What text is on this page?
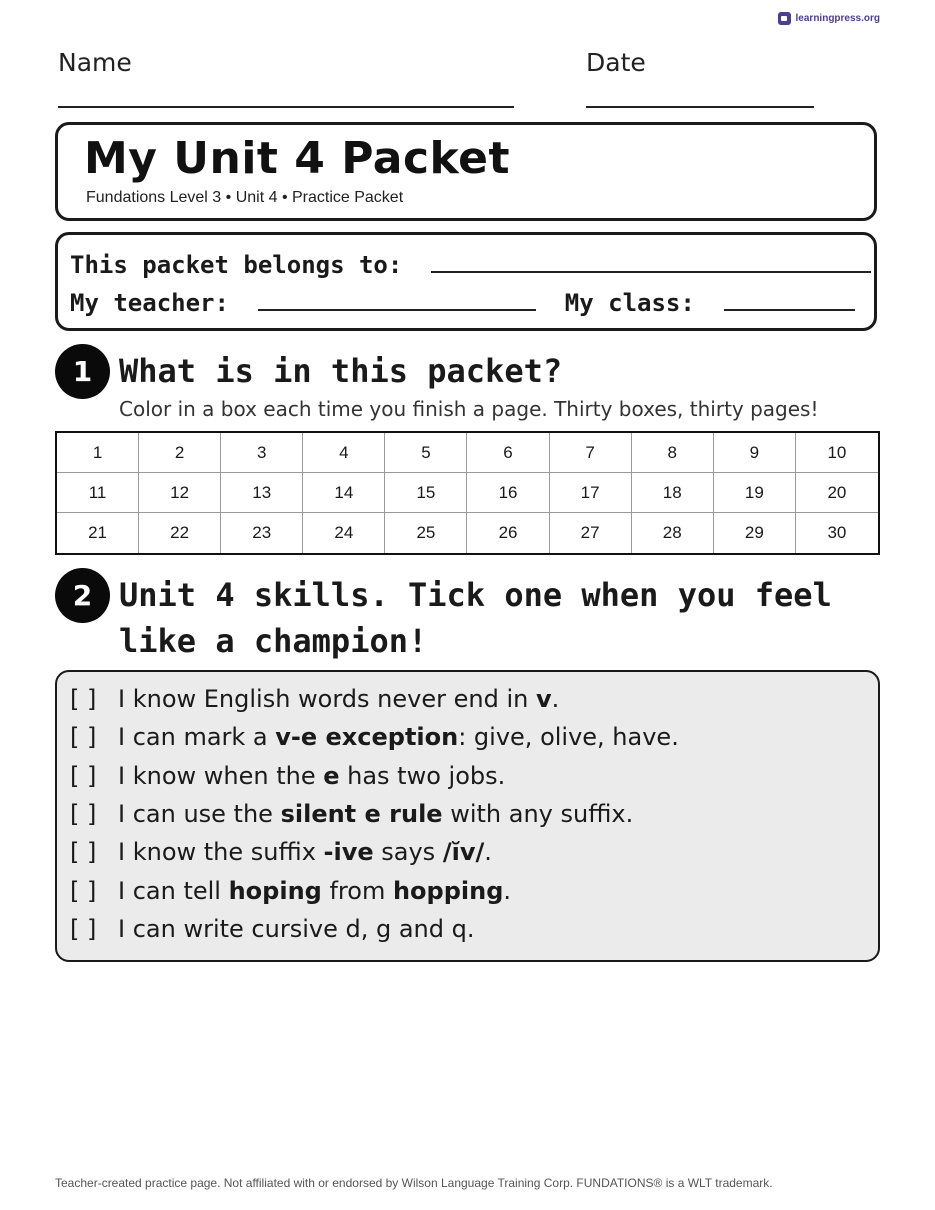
learningpress.org
Name	Date
My Unit 4 Packet
Fundations Level 3 • Unit 4 • Practice Packet
This packet belongs to:
My teacher:	My class:
1 What is in this packet?
Color in a box each time you finish a page. Thirty boxes, thirty pages!
1	2	3	4	5	6	7	8	9	10
11	12	13	14	15	16	17	18	19	20
21	22	23	24	25	26	27	28	29	30
2 Unit 4 skills. Tick one when you feel like a champion!
[ ] I know English words never end in v.
[ ] I can mark a v-e exception: give, olive, have.
[ ] I know when the e has two jobs.
[ ] I can use the silent e rule with any suffix.
[ ] I know the suffix -ive says /ĭv/.
[ ] I can tell hoping from hopping.
[ ] I can write cursive d, g and q.
Teacher-created practice page. Not affiliated with or endorsed by Wilson Language Training Corp. FUNDATIONS® is a WLT trademark.
